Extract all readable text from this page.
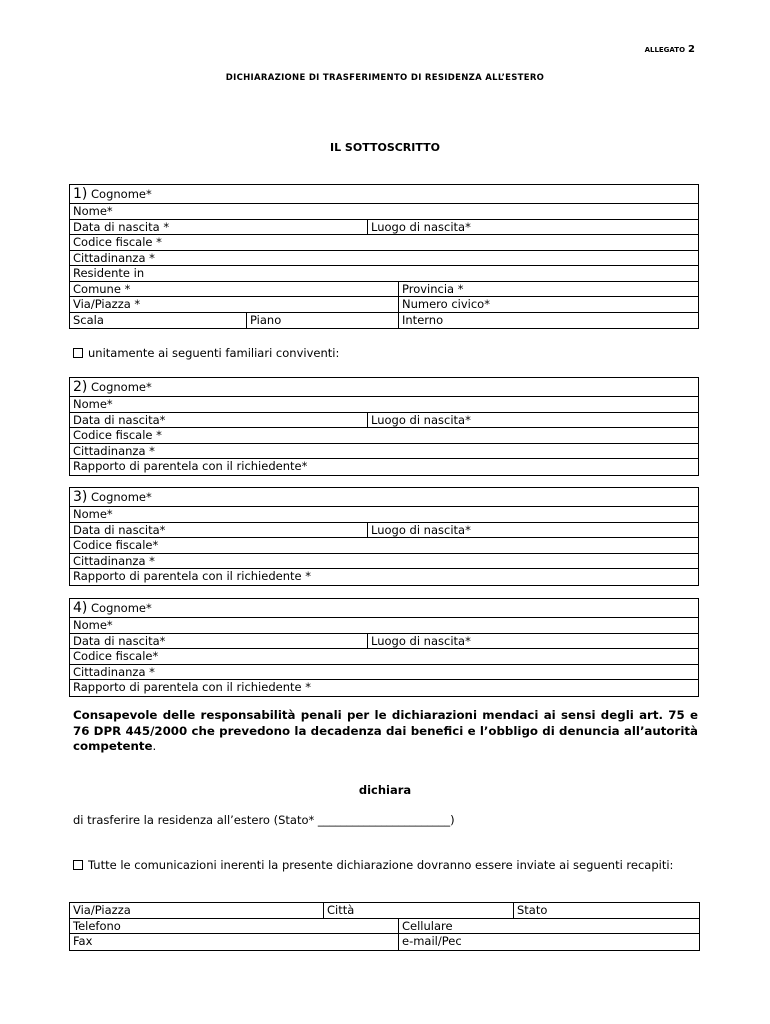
ALLEGATO 2
DICHIARAZIONE DI TRASFERIMENTO DI RESIDENZA ALL’ESTERO
IL SOTTOSCRITTO
1) Cognome*
Nome*
Data di nascita *	Luogo di nascita*
Codice fiscale *
Cittadinanza *
Residente in
Comune *	Provincia *
Via/Piazza *	Numero civico*
Scala	Piano	Interno
unitamente ai seguenti familiari conviventi:
2) Cognome*
Nome*
Data di nascita*	Luogo di nascita*
Codice fiscale *
Cittadinanza *
Rapporto di parentela con il richiedente*
3) Cognome*
Nome*
Data di nascita*	Luogo di nascita*
Codice fiscale*
Cittadinanza *
Rapporto di parentela con il richiedente *
4) Cognome*
Nome*
Data di nascita*	Luogo di nascita*
Codice fiscale*
Cittadinanza *
Rapporto di parentela con il richiedente *
Consapevole delle responsabilità penali per le dichiarazioni mendaci ai sensi degli art. 75 e 76 DPR 445/2000 che prevedono la decadenza dai benefici e l’obbligo di denuncia all’autorità competente.
dichiara
di trasferire la residenza all’estero (Stato* _______________________)
Tutte le comunicazioni inerenti la presente dichiarazione dovranno essere inviate ai seguenti recapiti:
Via/Piazza	Città	Stato
Telefono	Cellulare
Fax	e-mail/Pec
